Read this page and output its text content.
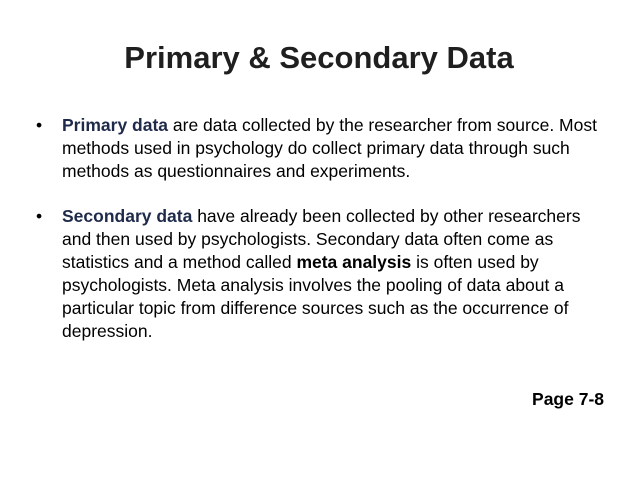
Primary & Secondary Data
• Primary data are data collected by the researcher from source. Most methods used in psychology do collect primary data through such methods as questionnaires and experiments.
• Secondary data have already been collected by other researchers and then used by psychologists. Secondary data often come as statistics and a method called meta analysis is often used by psychologists. Meta analysis involves the pooling of data about a particular topic from difference sources such as the occurrence of depression.
Page 7-8
